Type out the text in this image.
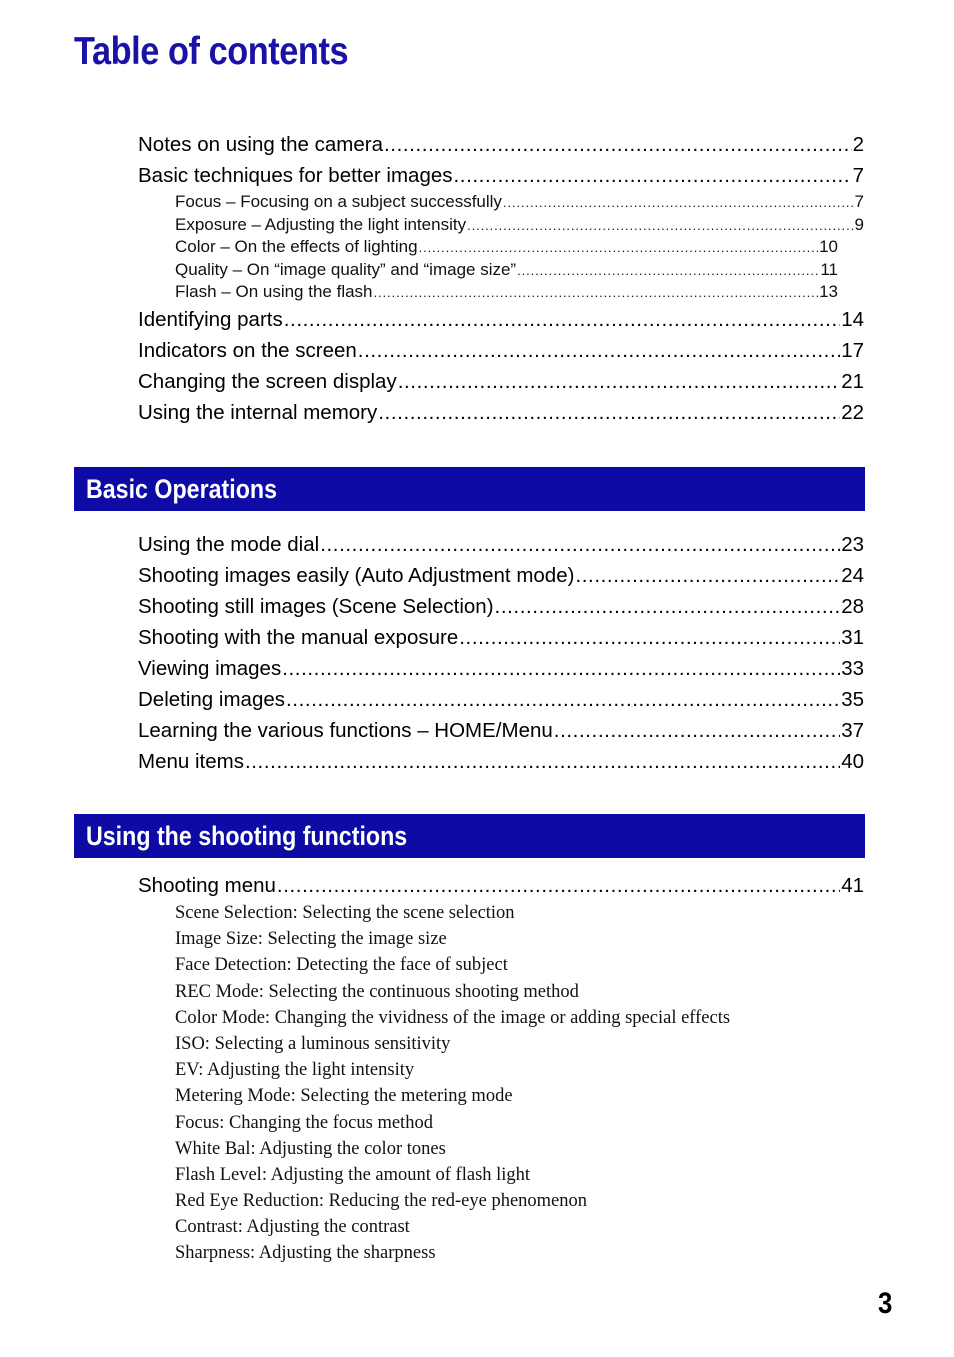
Table of contents
Notes on using the camera .....	2
Basic techniques for better images .....	7
Focus – Focusing on a subject successfully .....	7
Exposure – Adjusting the light intensity .....	9
Color – On the effects of lighting .....	10
Quality – On “image quality” and “image size” .....	11
Flash – On using the flash .....	13
Identifying parts .....	14
Indicators on the screen .....	17
Changing the screen display .....	21
Using the internal memory .....	22
Basic Operations
Using the mode dial .....	23
Shooting images easily (Auto Adjustment mode) .....	24
Shooting still images (Scene Selection) .....	28
Shooting with the manual exposure .....	31
Viewing images .....	33
Deleting images .....	35
Learning the various functions – HOME/Menu .....	37
Menu items .....	40
Using the shooting functions
Shooting menu .....	41
Scene Selection: Selecting the scene selection
Image Size: Selecting the image size
Face Detection: Detecting the face of subject
REC Mode: Selecting the continuous shooting method
Color Mode: Changing the vividness of the image or adding special effects
ISO: Selecting a luminous sensitivity
EV: Adjusting the light intensity
Metering Mode: Selecting the metering mode
Focus: Changing the focus method
White Bal: Adjusting the color tones
Flash Level: Adjusting the amount of flash light
Red Eye Reduction: Reducing the red-eye phenomenon
Contrast: Adjusting the contrast
Sharpness: Adjusting the sharpness
3
